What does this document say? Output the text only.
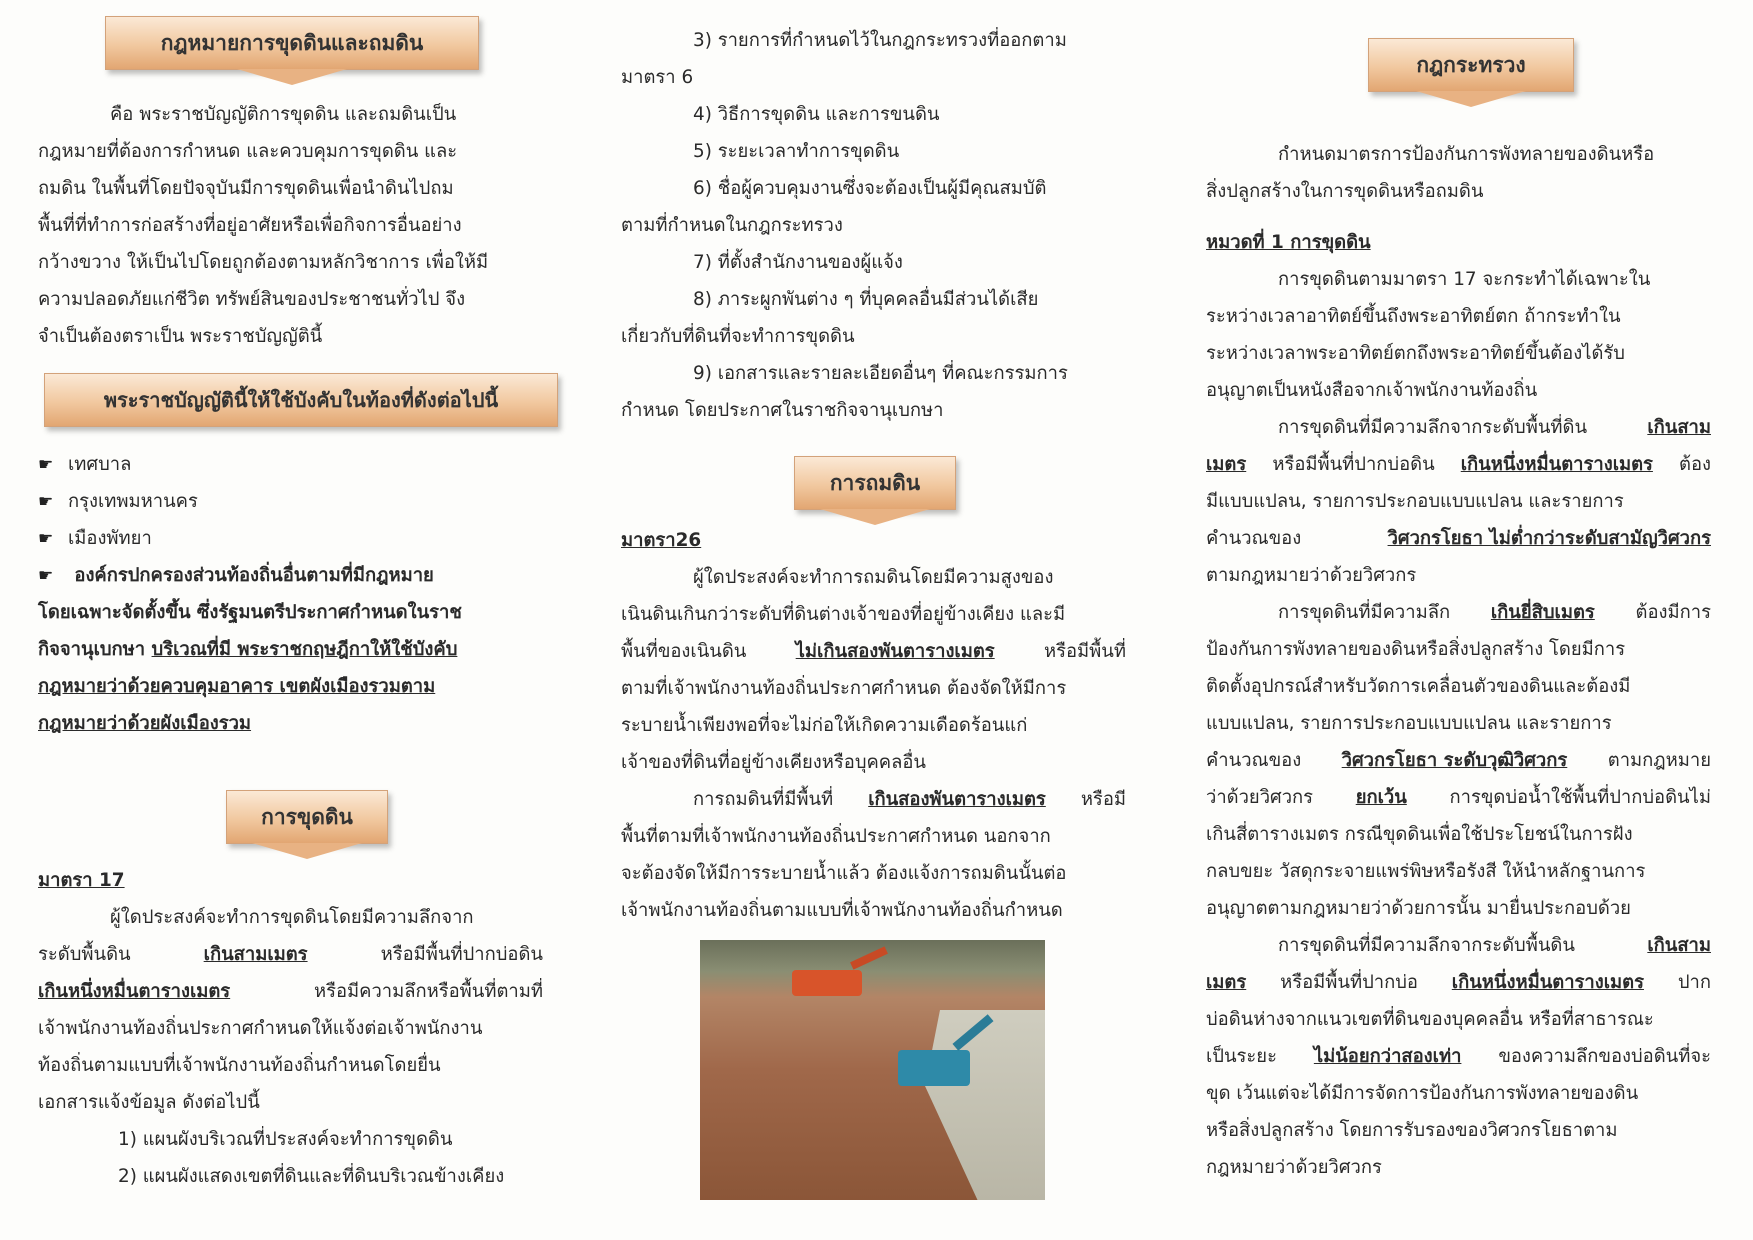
กฎหมายการขุดดินและถมดิน
คือ พระราชบัญญัติการขุดดิน และถมดินเป็น
กฎหมายที่ต้องการกำหนด และควบคุมการขุดดิน และ
ถมดิน ในพื้นที่โดยปัจจุบันมีการขุดดินเพื่อนำดินไปถม
พื้นที่ที่ทำการก่อสร้างที่อยู่อาศัยหรือเพื่อกิจการอื่นอย่าง
กว้างขวาง ให้เป็นไปโดยถูกต้องตามหลักวิชาการ เพื่อให้มี
ความปลอดภัยแก่ชีวิต ทรัพย์สินของประชาชนทั่วไป จึง
จำเป็นต้องตราเป็น พระราชบัญญัตินี้
พระราชบัญญัตินี้ให้ใช้บังคับในท้องที่ดังต่อไปนี้
☛ เทศบาล
☛ กรุงเทพมหานคร
☛ เมืองพัทยา
☛ องค์กรปกครองส่วนท้องถิ่นอื่นตามที่มีกฎหมาย
โดยเฉพาะจัดตั้งขึ้น ซึ่งรัฐมนตรีประกาศกำหนดในราช
กิจจานุเบกษา บริเวณที่มี พระราชกฤษฎีกาให้ใช้บังคับ
กฎหมายว่าด้วยควบคุมอาคาร เขตผังเมืองรวมตาม
กฎหมายว่าด้วยผังเมืองรวม
การขุดดิน
มาตรา 17
ผู้ใดประสงค์จะทำการขุดดินโดยมีความลึกจาก
ระดับพื้นดิน	เกินสามเมตร	หรือมีพื้นที่ปากบ่อดิน
เกินหนึ่งหมื่นตารางเมตร	หรือมีความลึกหรือพื้นที่ตามที่
เจ้าพนักงานท้องถิ่นประกาศกำหนดให้แจ้งต่อเจ้าพนักงาน
ท้องถิ่นตามแบบที่เจ้าพนักงานท้องถิ่นกำหนดโดยยื่น
เอกสารแจ้งข้อมูล ดังต่อไปนี้
1) แผนผังบริเวณที่ประสงค์จะทำการขุดดิน
2) แผนผังแสดงเขตที่ดินและที่ดินบริเวณข้างเคียง
3) รายการที่กำหนดไว้ในกฎกระทรวงที่ออกตาม
มาตรา 6
4) วิธีการขุดดิน และการขนดิน
5) ระยะเวลาทำการขุดดิน
6) ชื่อผู้ควบคุมงานซึ่งจะต้องเป็นผู้มีคุณสมบัติ
ตามที่กำหนดในกฎกระทรวง
7) ที่ตั้งสำนักงานของผู้แจ้ง
8) ภาระผูกพันต่าง ๆ ที่บุคคลอื่นมีส่วนได้เสีย
เกี่ยวกับที่ดินที่จะทำการขุดดิน
9) เอกสารและรายละเอียดอื่นๆ ที่คณะกรรมการ
กำหนด โดยประกาศในราชกิจจานุเบกษา
การถมดิน
มาตรา26
ผู้ใดประสงค์จะทำการถมดินโดยมีความสูงของ
เนินดินเกินกว่าระดับที่ดินต่างเจ้าของที่อยู่ข้างเคียง และมี
พื้นที่ของเนินดิน	ไม่เกินสองพันตารางเมตร	หรือมีพื้นที่
ตามที่เจ้าพนักงานท้องถิ่นประกาศกำหนด ต้องจัดให้มีการ
ระบายน้ำเพียงพอที่จะไม่ก่อให้เกิดความเดือดร้อนแก่
เจ้าของที่ดินที่อยู่ข้างเคียงหรือบุคคลอื่น
การถมดินที่มีพื้นที่ เกินสองพันตารางเมตร หรือมี
พื้นที่ตามที่เจ้าพนักงานท้องถิ่นประกาศกำหนด นอกจาก
จะต้องจัดให้มีการระบายน้ำแล้ว ต้องแจ้งการถมดินนั้นต่อ
เจ้าพนักงานท้องถิ่นตามแบบที่เจ้าพนักงานท้องถิ่นกำหนด
กฎกระทรวง
กำหนดมาตรการป้องกันการพังทลายของดินหรือ
สิ่งปลูกสร้างในการขุดดินหรือถมดิน
หมวดที่ 1 การขุดดิน
การขุดดินตามมาตรา 17 จะกระทำได้เฉพาะใน
ระหว่างเวลาอาทิตย์ขึ้นถึงพระอาทิตย์ตก ถ้ากระทำใน
ระหว่างเวลาพระอาทิตย์ตกถึงพระอาทิตย์ขึ้นต้องได้รับ
อนุญาตเป็นหนังสือจากเจ้าพนักงานท้องถิ่น
การขุดดินที่มีความลึกจากระดับพื้นที่ดิน	เกินสาม
เมตร หรือมีพื้นที่ปากบ่อดิน เกินหนึ่งหมื่นตารางเมตร ต้อง
มีแบบแปลน, รายการประกอบแบบแปลน และรายการ
คำนวณของ	วิศวกรโยธา ไม่ต่ำกว่าระดับสามัญวิศวกร
ตามกฎหมายว่าด้วยวิศวกร
การขุดดินที่มีความลึก เกินยี่สิบเมตร ต้องมีการ
ป้องกันการพังทลายของดินหรือสิ่งปลูกสร้าง โดยมีการ
ติดตั้งอุปกรณ์สำหรับวัดการเคลื่อนตัวของดินและต้องมี
แบบแปลน, รายการประกอบแบบแปลน และรายการ
คำนวณของ วิศวกรโยธา ระดับวุฒิวิศวกร ตามกฎหมาย
ว่าด้วยวิศวกร ยกเว้น การขุดบ่อน้ำใช้พื้นที่ปากบ่อดินไม่
เกินสี่ตารางเมตร กรณีขุดดินเพื่อใช้ประโยชน์ในการฝัง
กลบขยะ วัสดุกระจายแพร่พิษหรือรังสี ให้นำหลักฐานการ
อนุญาตตามกฎหมายว่าด้วยการนั้น มายื่นประกอบด้วย
การขุดดินที่มีความลึกจากระดับพื้นดิน	เกินสาม
เมตร หรือมีพื้นที่ปากบ่อ เกินหนึ่งหมื่นตารางเมตร ปาก
บ่อดินห่างจากแนวเขตที่ดินของบุคคลอื่น หรือที่สาธารณะ
เป็นระยะ ไม่น้อยกว่าสองเท่า ของความลึกของบ่อดินที่จะ
ขุด เว้นแต่จะได้มีการจัดการป้องกันการพังทลายของดิน
หรือสิ่งปลูกสร้าง โดยการรับรองของวิศวกรโยธาตาม
กฎหมายว่าด้วยวิศวกร
